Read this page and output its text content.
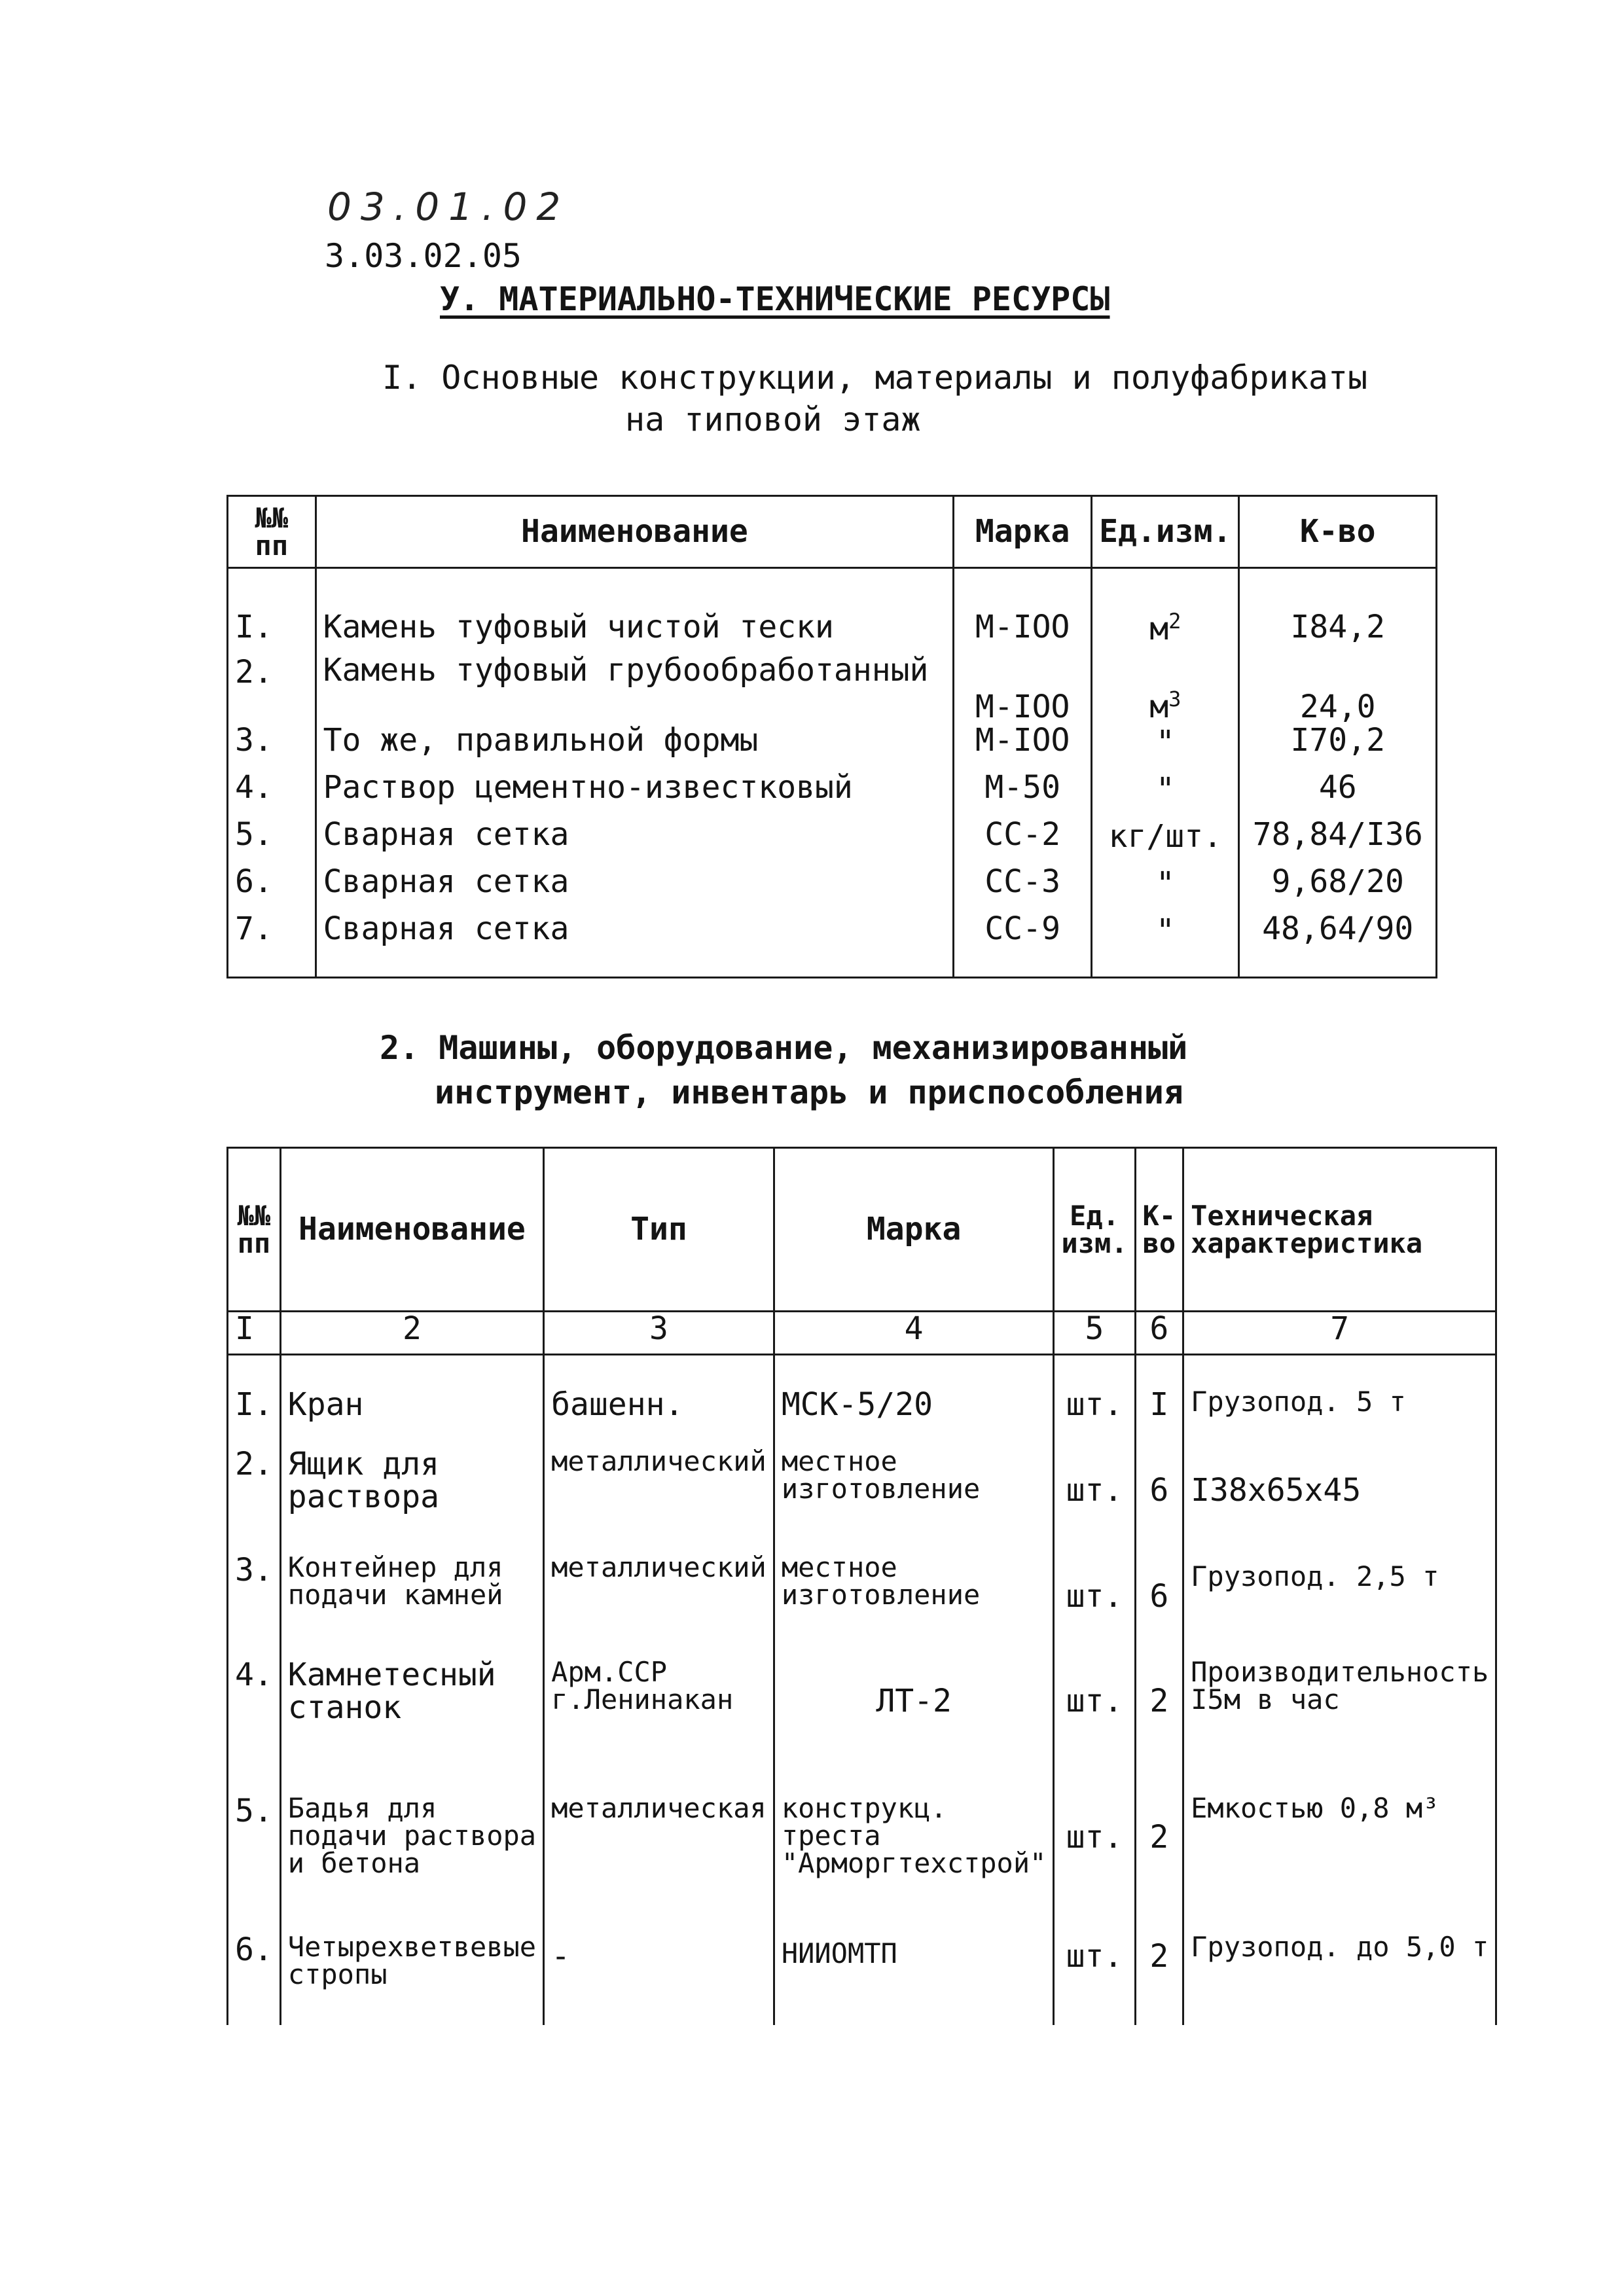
03.01.02
3.03.02.05
У. МАТЕРИАЛЬНО-ТЕХНИЧЕСКИЕ РЕСУРСЫ
I. Основные конструкции, материалы и полуфабрикаты
на типовой этаж
№№ пп	Наименование	Марка	Ед.изм.	К-во
I.	Камень туфовый чистой тески	М-IOO	$м^2$	I84,2
2.	Камень туфовый грубообработанный	М-IOO	$м^3$	24,0
3.	То же, правильной формы	М-IOO	"	I70,2
4.	Раствор цементно-известковый	М-50	"	46
5.	Сварная сетка	СС-2	кг/шт.	78,84/I36
6.	Сварная сетка	СС-3	"	9,68/20
7.	Сварная сетка	СС-9	"	48,64/90
2. Машины, оборудование, механизированный
инструмент, инвентарь и приспособления
№№ пп	Наименование	Тип	Марка	Ед. изм.	К-во	Техническая характеристика
I	2	3	4	5	6	7
I.	Кран	башенн.	МСК-5/20	шт.	I	Грузопод. 5 т
2.	Ящик для раствора	металлический	местное изготовление	шт.	6	I38х65х45
3.	Контейнер для подачи камней	металлический	местное изготовление	шт.	6	Грузопод. 2,5 т
4.	Камнетесный станок	Арм.ССР г.Ленинакан	ЛТ-2	шт.	2	Производительность I5м в час
5.	Бадья для подачи раствора и бетона	металлическая	конструкц. треста "Арморгтехстрой"	шт.	2	Емкостью 0,8 м³
6.	Четырехветвевые стропы	-	НИИОМТП	шт.	2	Грузопод. до 5,0 т
